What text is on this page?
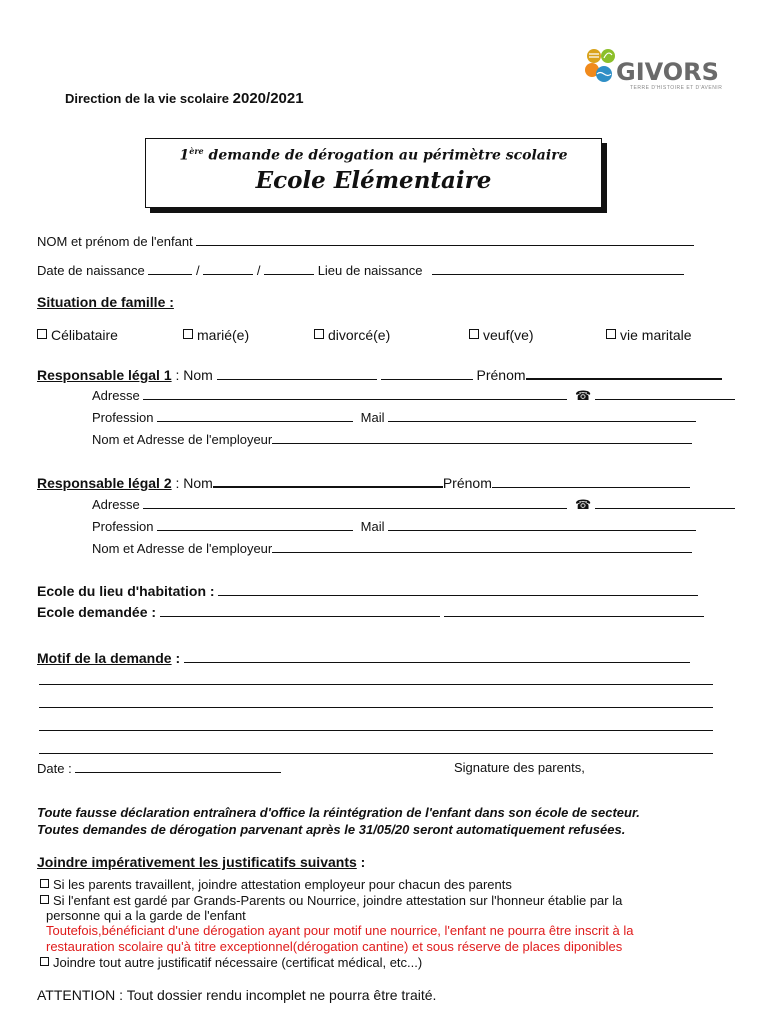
Direction de la vie scolaire 2020/2021
GIVORS
TERRE D'HISTOIRE ET D'AVENIR
1ère demande de dérogation au périmètre scolaire
Ecole Elémentaire
NOM et prénom de l'enfant
Date de naissance	/	/	Lieu de naissance
Situation de famille :
Célibataire	marié(e)	divorcé(e)	veuf(ve)	vie maritale
Responsable légal 1 : Nom	Prénom
Adresse	☎
Profession	Mail
Nom et Adresse de l'employeur
Responsable légal 2 : Nom	Prénom
Adresse	☎
Profession	Mail
Nom et Adresse de l'employeur
Ecole du lieu d'habitation :
Ecole demandée :
Motif de la demande :
Date :	Signature des parents,
Toute fausse déclaration entraînera d'office la réintégration de l'enfant dans son école de secteur.
Toutes demandes de dérogation parvenant après le 31/05/20 seront automatiquement refusées.
Joindre impérativement les justificatifs suivants :
Si les parents travaillent, joindre attestation employeur pour chacun des parents
Si l'enfant est gardé par Grands-Parents ou Nourrice, joindre attestation sur l'honneur établie par la
personne qui a la garde de l'enfant
Toutefois,bénéficiant d'une dérogation ayant pour motif une nourrice, l'enfant ne pourra être inscrit à la
restauration scolaire qu'à titre exceptionnel(dérogation cantine) et sous réserve de places diponibles
Joindre tout autre justificatif nécessaire (certificat médical, etc...)
ATTENTION : Tout dossier rendu incomplet ne pourra être traité.
